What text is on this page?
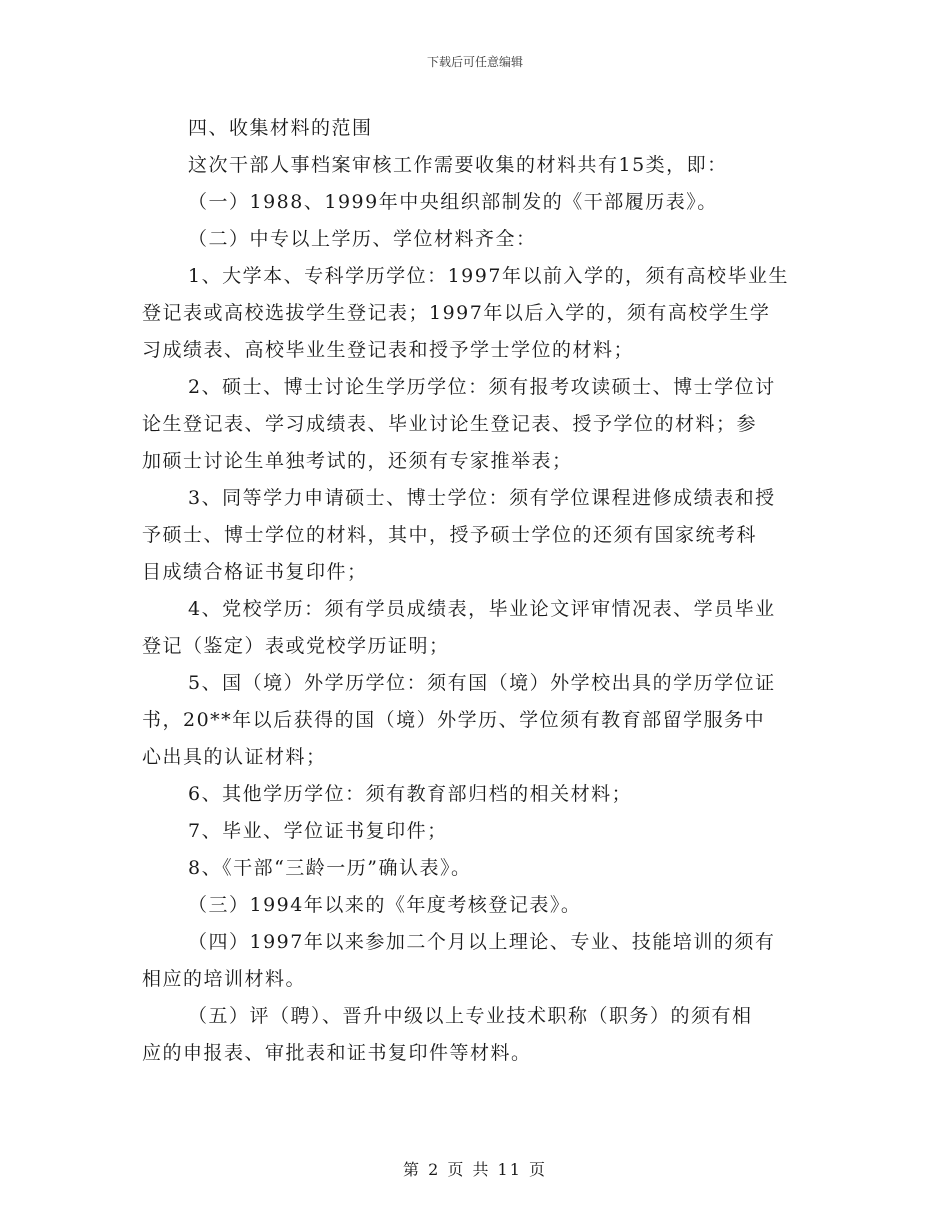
下载后可任意编辑
四、收集材料的范围
这次干部人事档案审核工作需要收集的材料共有15类，即：
（一）1988、1999年中央组织部制发的《干部履历表》。
（二）中专以上学历、学位材料齐全：
1、大学本、专科学历学位：1997年以前入学的，须有高校毕业生
登记表或高校选拔学生登记表；1997年以后入学的，须有高校学生学
习成绩表、高校毕业生登记表和授予学士学位的材料；
2、硕士、博士讨论生学历学位：须有报考攻读硕士、博士学位讨
论生登记表、学习成绩表、毕业讨论生登记表、授予学位的材料；参
加硕士讨论生单独考试的，还须有专家推举表；
3、同等学力申请硕士、博士学位：须有学位课程进修成绩表和授
予硕士、博士学位的材料，其中，授予硕士学位的还须有国家统考科
目成绩合格证书复印件；
4、党校学历：须有学员成绩表，毕业论文评审情况表、学员毕业
登记（鉴定）表或党校学历证明；
5、国（境）外学历学位：须有国（境）外学校出具的学历学位证
书，20**年以后获得的国（境）外学历、学位须有教育部留学服务中
心出具的认证材料；
6、其他学历学位：须有教育部归档的相关材料；
7、毕业、学位证书复印件；
8、《干部“三龄一历”确认表》。
（三）1994年以来的《年度考核登记表》。
（四）1997年以来参加二个月以上理论、专业、技能培训的须有
相应的培训材料。
（五）评（聘）、晋升中级以上专业技术职称（职务）的须有相
应的申报表、审批表和证书复印件等材料。
第 2 页 共 11 页
